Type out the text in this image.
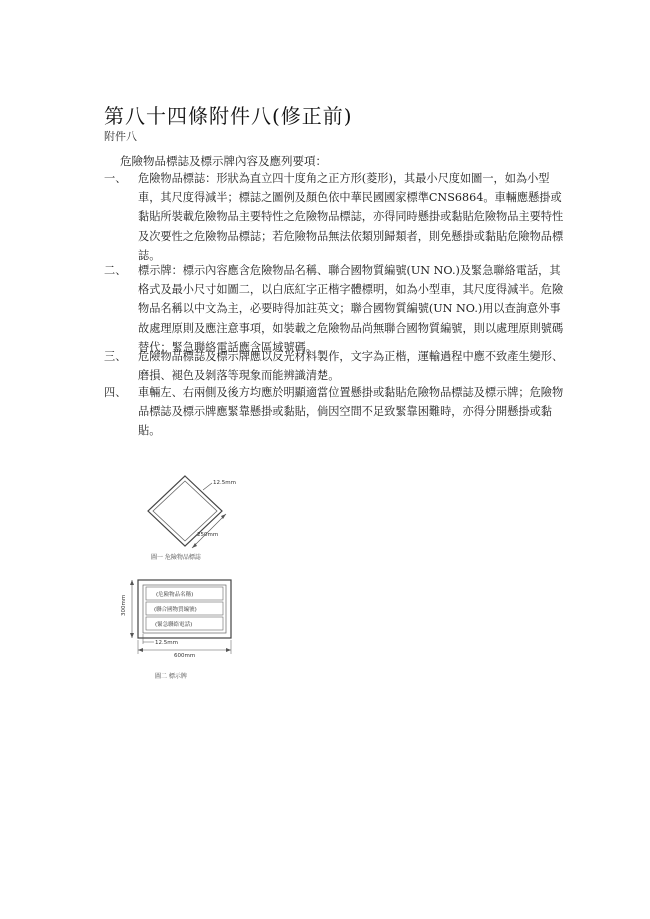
第八十四條附件八(修正前)
附件八
危險物品標誌及標示牌內容及應列要項：
一、	危險物品標誌：形狀為直立四十度角之正方形(菱形)，其最小尺度如圖一，如為小型車，其尺度得減半；標誌之圖例及顏色依中華民國國家標準CNS6864。車輛應懸掛或黏貼所裝載危險物品主要特性之危險物品標誌，亦得同時懸掛或黏貼危險物品主要特性及次要性之危險物品標誌；若危險物品無法依類別歸類者，則免懸掛或黏貼危險物品標誌。
二、	標示牌：標示內容應含危險物品名稱、聯合國物質編號(UN NO.)及緊急聯絡電話，其格式及最小尺寸如圖二，以白底紅字正楷字體標明，如為小型車，其尺度得減半。危險物品名稱以中文為主，必要時得加註英文；聯合國物質編號(UN NO.)用以查詢意外事故處理原則及應注意事項，如裝載之危險物品尚無聯合國物質編號，則以處理原則號碼替代；緊急聯絡電話應含區域號碼。
三、	危險物品標誌及標示牌應以反光材料製作，文字為正楷，運輸過程中應不致產生變形、磨損、褪色及剝落等現象而能辨識清楚。
四、	車輛左、右兩側及後方均應於明顯適當位置懸掛或黏貼危險物品標誌及標示牌；危險物品標誌及標示牌應緊靠懸掛或黏貼，倘因空間不足致緊靠困難時，亦得分開懸掛或黏貼。
12.5mm
250mm
圖一 危險物品標誌
(危險物品名稱)
(聯合國物質編號)
(緊急聯絡電話)
300mm
12.5mm
600mm
圖二 標示牌
